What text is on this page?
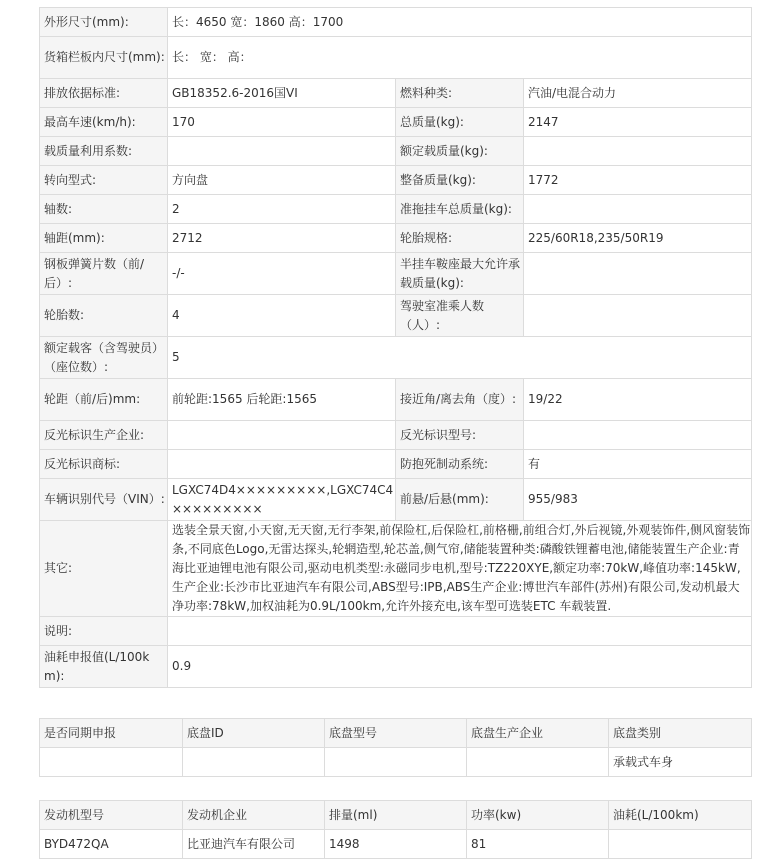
外形尺寸(mm):	长：4650 宽：1860 高：1700		
货箱栏板内尺寸(mm):	长： 宽： 高：		
排放依据标准:	GB18352.6-2016国VI	燃料种类:	汽油/电混合动力
最高车速(km/h):	170	总质量(kg):	2147
载质量利用系数:		额定载质量(kg):	
转向型式:	方向盘	整备质量(kg):	1772
轴数:	2	准拖挂车总质量(kg):	
轴距(mm):	2712	轮胎规格:	225/60R18,235/50R19
钢板弹簧片数（前/后）:	-/-	半挂车鞍座最大允许承载质量(kg):	
轮胎数:	4	驾驶室准乘人数（人）:	
额定载客（含驾驶员）（座位数）:	5		
轮距（前/后)mm:	前轮距:1565 后轮距:1565	接近角/离去角（度）:	19/22
反光标识生产企业:		反光标识型号:	
反光标识商标:		防抱死制动系统:	有
车辆识别代号（VIN）:	LGXC74D4×××××××××,LGXC74C4×××××××××	前悬/后悬(mm):	955/983
其它:	选装全景天窗,小天窗,无天窗,无行李架,前保险杠,后保险杠,前格栅,前组合灯,外后视镜,外观装饰件,侧风窗装饰条,不同底色Logo,无雷达探头,轮辋造型,轮芯盖,侧气帘,储能装置种类:磷酸铁锂蓄电池,储能装置生产企业:青海比亚迪锂电池有限公司,驱动电机类型:永磁同步电机,型号:TZ220XYE,额定功率:70kW,峰值功率:145kW,生产企业:长沙市比亚迪汽车有限公司,ABS型号:IPB,ABS生产企业:博世汽车部件(苏州)有限公司,发动机最大净功率:78kW,加权油耗为0.9L/100km,允许外接充电,该车型可选装ETC 车载装置.		
说明:			
油耗申报值(L/100km):	0.9		
是否同期申报	底盘ID	底盘型号	底盘生产企业	底盘类别
				承载式车身
发动机型号	发动机企业	排量(ml)	功率(kw)	油耗(L/100km)
BYD472QA	比亚迪汽车有限公司	1498	81	
